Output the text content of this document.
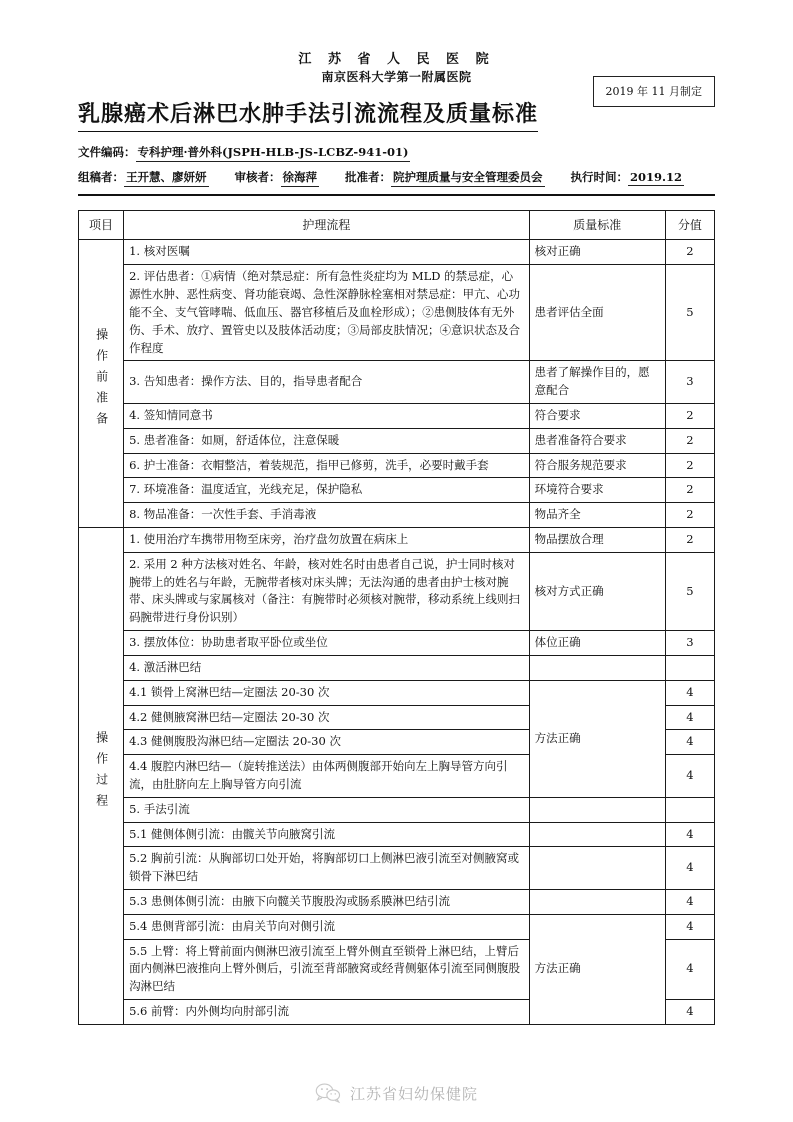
江 苏 省 人 民 医 院
南京医科大学第一附属医院
2019 年 11 月制定
乳腺癌术后淋巴水肿手法引流流程及质量标准
文件编码： 专科护理·普外科(JSPH-HLB-JS-LCBZ-941-01)
组稿者： 王开慧、廖妍妍 审核者： 徐海萍 批准者： 院护理质量与安全管理委员会 执行时间： 2019.12
项目	护理流程	质量标准	分值
操作前准备	1. 核对医嘱	核对正确	2
	2. 评估患者：①病情（绝对禁忌症：所有急性炎症均为 MLD 的禁忌症，心源性水肿、恶性病变、肾功能衰竭、急性深静脉栓塞相对禁忌症：甲亢、心功能不全、支气管哮喘、低血压、器官移植后及血栓形成）；②患侧肢体有无外伤、手术、放疗、置管史以及肢体活动度；③局部皮肤情况；④意识状态及合作程度	患者评估全面	5
	3. 告知患者：操作方法、目的，指导患者配合	患者了解操作目的，愿意配合	3
	4. 签知情同意书	符合要求	2
	5. 患者准备：如厕，舒适体位，注意保暖	患者准备符合要求	2
	6. 护士准备：衣帽整洁，着装规范，指甲已修剪，洗手，必要时戴手套	符合服务规范要求	2
	7. 环境准备：温度适宜，光线充足，保护隐私	环境符合要求	2
	8. 物品准备：一次性手套、手消毒液	物品齐全	2
操作过程	1. 使用治疗车携带用物至床旁，治疗盘勿放置在病床上	物品摆放合理	2
	2. 采用 2 种方法核对姓名、年龄，核对姓名时由患者自己说，护士同时核对腕带上的姓名与年龄，无腕带者核对床头牌；无法沟通的患者由护士核对腕带、床头牌或与家属核对（备注：有腕带时必须核对腕带，移动系统上线则扫码腕带进行身份识别）	核对方式正确	5
	3. 摆放体位：协助患者取平卧位或坐位	体位正确	3
	4. 激活淋巴结		
	4.1 锁骨上窝淋巴结—定圈法 20-30 次	方法正确	4
	4.2 健侧腋窝淋巴结—定圈法 20-30 次		4
	4.3 健侧腹股沟淋巴结—定圈法 20-30 次		4
	4.4 腹腔内淋巴结—（旋转推送法）由体两侧腹部开始向左上胸导管方向引流，由肚脐向左上胸导管方向引流		4
	5. 手法引流		
	5.1 健侧体侧引流：由髋关节向腋窝引流		4
	5.2 胸前引流：从胸部切口处开始，将胸部切口上侧淋巴液引流至对侧腋窝或锁骨下淋巴结		4
	5.3 患侧体侧引流：由腋下向髋关节腹股沟或肠系膜淋巴结引流		4
	5.4 患侧背部引流：由肩关节向对侧引流	方法正确	4
	5.5 上臂：将上臂前面内侧淋巴液引流至上臂外侧直至锁骨上淋巴结，上臂后面内侧淋巴液推向上臂外侧后，引流至背部腋窝或经背侧躯体引流至同侧腹股沟淋巴结		4
	5.6 前臂：内外侧均向肘部引流		4
江苏省妇幼保健院
